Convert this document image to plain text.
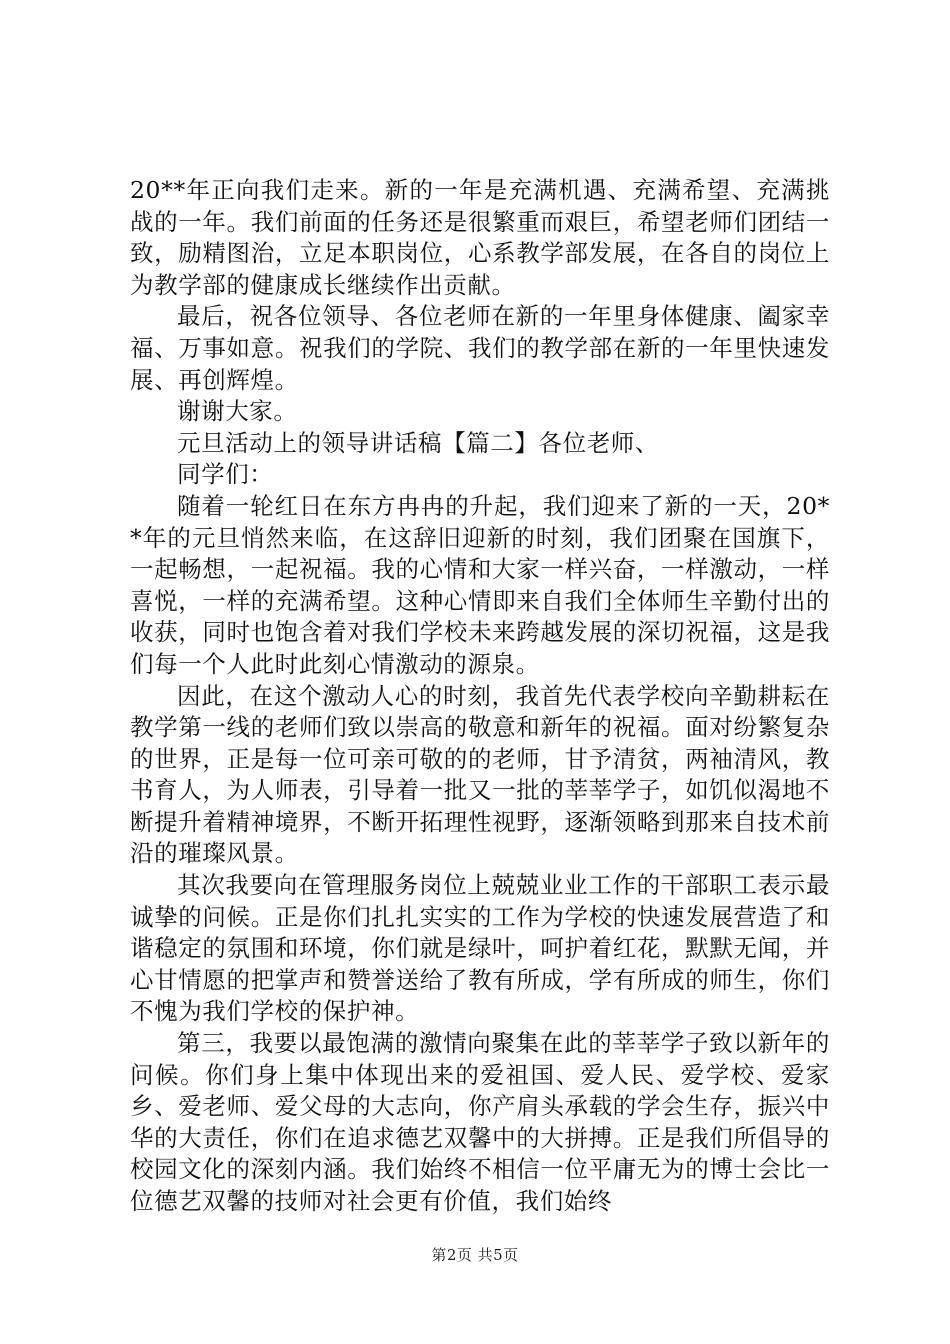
20**年正向我们走来。新的一年是充满机遇、充满希望、充满挑战的一年。我们前面的任务还是很繁重而艰巨，希望老师们团结一致，励精图治，立足本职岗位，心系教学部发展，在各自的岗位上为教学部的健康成长继续作出贡献。

最后，祝各位领导、各位老师在新的一年里身体健康、阖家幸福、万事如意。祝我们的学院、我们的教学部在新的一年里快速发展、再创辉煌。

谢谢大家。

元旦活动上的领导讲话稿【篇二】各位老师、

同学们：

随着一轮红日在东方冉冉的升起，我们迎来了新的一天，20**年的元旦悄然来临，在这辞旧迎新的时刻，我们团聚在国旗下，一起畅想，一起祝福。我的心情和大家一样兴奋，一样激动，一样喜悦，一样的充满希望。这种心情即来自我们全体师生辛勤付出的收获，同时也饱含着对我们学校未来跨越发展的深切祝福，这是我们每一个人此时此刻心情激动的源泉。

因此，在这个激动人心的时刻，我首先代表学校向辛勤耕耘在教学第一线的老师们致以崇高的敬意和新年的祝福。面对纷繁复杂的世界，正是每一位可亲可敬的的老师，甘予清贫，两袖清风，教书育人，为人师表，引导着一批又一批的莘莘学子，如饥似渴地不断提升着精神境界，不断开拓理性视野，逐渐领略到那来自技术前沿的璀璨风景。

其次我要向在管理服务岗位上兢兢业业工作的干部职工表示最诚挚的问候。正是你们扎扎实实的工作为学校的快速发展营造了和谐稳定的氛围和环境，你们就是绿叶，呵护着红花，默默无闻，并心甘情愿的把掌声和赞誉送给了教有所成，学有所成的师生，你们不愧为我们学校的保护神。

第三，我要以最饱满的激情向聚集在此的莘莘学子致以新年的问候。你们身上集中体现出来的爱祖国、爱人民、爱学校、爱家乡、爱老师、爱父母的大志向，你产肩头承载的学会生存，振兴中华的大责任，你们在追求德艺双馨中的大拼搏。正是我们所倡导的校园文化的深刻内涵。我们始终不相信一位平庸无为的博士会比一位德艺双馨的技师对社会更有价值，我们始终

第2页 共5页
